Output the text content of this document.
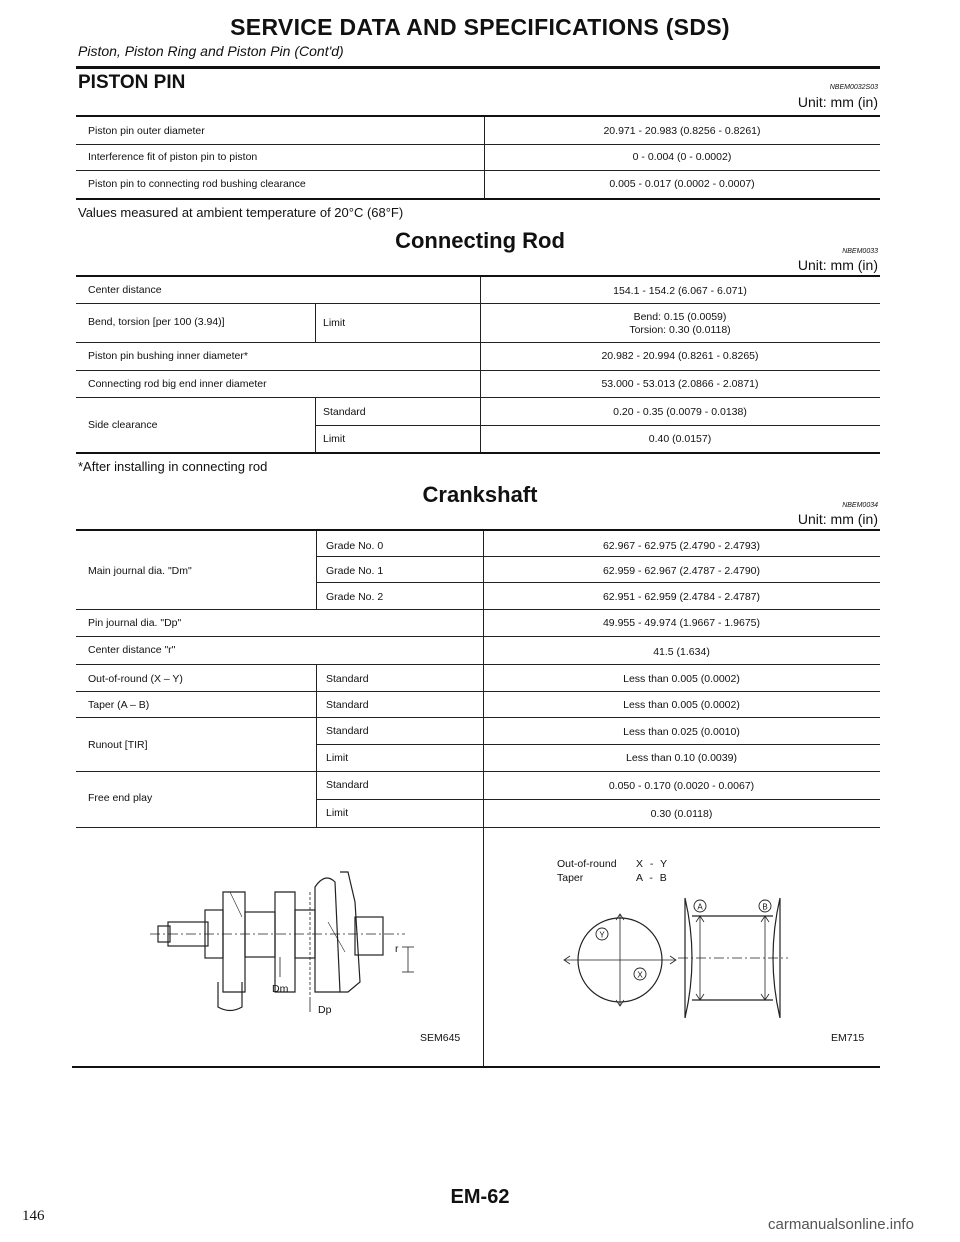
SERVICE DATA AND SPECIFICATIONS (SDS)
Piston, Piston Ring and Piston Pin (Cont'd)
PISTON PIN	NBEM0032S03
Unit: mm (in)
Piston pin outer diameter	20.971 - 20.983 (0.8256 - 0.8261)
Interference fit of piston pin to piston	0 - 0.004 (0 - 0.0002)
Piston pin to connecting rod bushing clearance	0.005 - 0.017 (0.0002 - 0.0007)
Values measured at ambient temperature of 20°C (68°F)
Connecting Rod	NBEM0033
Unit: mm (in)
Center distance	154.1 - 154.2 (6.067 - 6.071)
Bend, torsion [per 100 (3.94)]	Limit	Bend: 0.15 (0.0059)
Torsion: 0.30 (0.0118)
Piston pin bushing inner diameter*	20.982 - 20.994 (0.8261 - 0.8265)
Connecting rod big end inner diameter	53.000 - 53.013 (2.0866 - 2.0871)
Side clearance
Standard	0.20 - 0.35 (0.0079 - 0.0138)
Limit	0.40 (0.0157)
*After installing in connecting rod
Crankshaft	NBEM0034
Unit: mm (in)
Main journal dia. "Dm"
Grade No. 0	62.967 - 62.975 (2.4790 - 2.4793)
Grade No. 1	62.959 - 62.967 (2.4787 - 2.4790)
Grade No. 2	62.951 - 62.959 (2.4784 - 2.4787)
Pin journal dia. "Dp"	49.955 - 49.974 (1.9667 - 1.9675)
Center distance "r"	41.5 (1.634)
Out-of-round (X – Y)	Standard	Less than 0.005 (0.0002)
Taper (A – B)	Standard	Less than 0.005 (0.0002)
Runout [TIR]
Standard	Less than 0.025 (0.0010)
Limit	Less than 0.10 (0.0039)
Free end play
Standard	0.050 - 0.170 (0.0020 - 0.0067)
Limit	0.30 (0.0118)
Dm
Dp
r
SEM645
Out-of-round
Taper
X - Y
A - B
Y
X
A	B
EM715
EM-62
146	carmanualsonline.info
